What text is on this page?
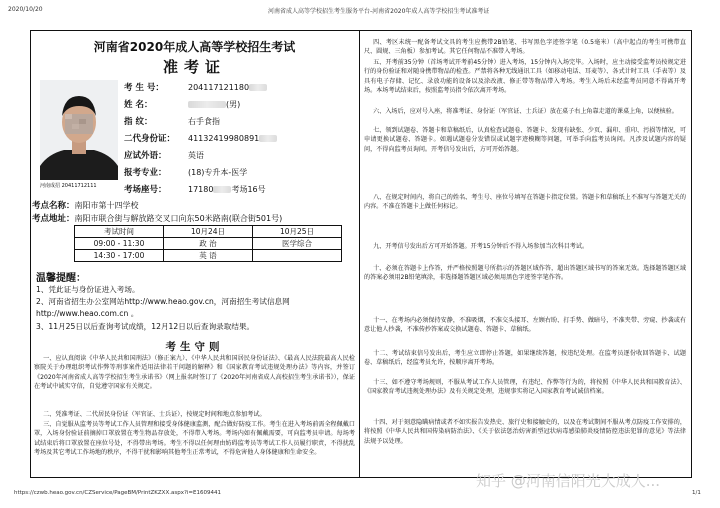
2020/10/20	河南省成人高等学校招生考生服务平台-河南省2020年成人高等学校招生考试准考证
河南省2020年成人高等学校招生考试
准考证
河南成招 20411712111
考 生 号：	204117121180
姓 名：	(男)
指 纹：	右手食指
二代身份证：	41132419980891
应试外语：	英语
报考专业：	(18)专升本-医学
考场座号：	17180 考场16号
考点名称：南阳市第十四学校
考点地址：南阳市联合街与解放路交叉口向东50米路南(联合街501号)
考试时间	10月24日	10月25日
09:00 - 11:30	政 治	医学综合
14:30 - 17:00	英 语	
温馨提醒：
1、凭此证与身份证进入考场。
2、河南省招生办公室网站http://www.heao.gov.cn，河南招生考试信息网
http://www.heao.com.cn 。
3、11月25日以后查询考试成绩，12月12日以后查询录取结果。
考生守则
一、应认真阅读《中华人民共和国刑法》（修正案九）、《中华人民共和国居民身份证法》、《最高人民法院最高人民检察院关于办理组织考试作弊等刑事案件适用法律若干问题的解释》和《国家教育考试违规处理办法》等内容，并签订《2020年河南省成人高等学校招生考生承诺书》（网上报名时签订了《2020年河南省成人高校招生考生承诺书》），保证在考试中诚实守信，自觉遵守国家有关规定。
二、凭准考证、二代居民身份证（军官证、士兵证），按规定时间和地点参加考试。
三、自觉服从监考员等考试工作人员管理和接受身体健康监测，配合做好防疫工作。考生在进入考场前需全程佩戴口罩，入场身份验证前摘掉口罩放置在考生物品存放处，不得带入考场。考场内如有佩戴需要，可向监考员申请。每场考试结束后将口罩放置在座位号处，不得带出考场。考生不得以任何理由妨碍监考员等考试工作人员履行职责，不得扰乱考场及其它考试工作场地的秩序，不得干扰和影响其他考生正常考试，不得危害他人身体健康和生命安全。
四、考区未统一配备考试文具的考生应携带2B铅笔、书写黑色字迹签字笔（0.5毫米）（高中起点的考生可携带直尺、圆规、三角板）参加考试。其它任何物品不准带入考场。
五、开考前35分钟（首场考试开考前45分钟）进入考场，15分钟内入场完毕。入场时，应主动接受监考员按规定进行的身份验证和对随身携带物品的检查。严禁将各种无线通讯工具（如移动电话、耳麦等）、各式计时工具（手表等）及具有电子存储、记忆、录放功能的设备以及涂改液、修正带等物品带入考场。考生入场后未经监考员同意不得离开考场。本场考试结束后，按照监考员指令依次离开考场。
六、入场后，应对号入座，将准考证、身份证（军官证、士兵证）放在桌子右上角靠走道的课桌上角，以便核验。
七、领到试题卷、答题卡和草稿纸后，认真检查试题卷、答题卡、发现有缺张、少页、漏印、重印、污损等情况，可申请更换试题卷、答题卡。如遇试题卷分发错误或试题字迹模糊等问题，可举手向监考员询问。凡涉及试题内容的疑问，不得向监考员询问。开考信号发出后，方可开始答题。
八、在规定时间内，将自己的姓名、考生号、座位号填写在答题卡指定位置。答题卡和草稿纸上不准写与答题无关的内容。不准在答题卡上做任何标记。
九、开考信号发出后方可开始答题。开考15分钟后不得入场参加当次科目考试。
十、必须在答题卡上作答，并严格按照题号所指示的答题区域作答，超出答题区域书写的答案无效。选择题答题区域的答案必须用2B铅笔填涂，非选择题答题区域必须用黑色字迹签字笔作答。
十一、在考场内必须保持安静，不准吸烟，不准交头接耳、左顾右盼、打手势、做暗号，不准夹带、旁窥、抄袭或有意让他人抄袭，不准传抄答案或交换试题卷、答题卡、草稿纸。
十二、考试结束信号发出后，考生应立即停止答题，如果继续答题，按违纪处理。在监考员逐份收回答题卡、试题卷、草稿纸后，经监考员允许，按顺序离开考场。
十三、如不遵守考场规则，不服从考试工作人员管理，有违纪、作弊等行为的，将按照《中华人民共和国教育法》、《国家教育考试违规处理办法》及有关规定处理，违规事实将记入国家教育考试诚信档案。
十四、对于刻意隐瞒病情或者不如实报告发热史、旅行史和接触史的，以及在考试期间不服从考点防疫工作安排的，将按照《中华人民共和国传染病防治法》、《关于依法惩治妨害新型冠状病毒感染肺炎疫情防控违法犯罪的意见》等法律法规予以处理。
知乎 @河南信阳光大成人...
https://czwb.heao.gov.cn/CZService/PageBM/PrintZKZXX.aspx?i=E1609441	1/1
